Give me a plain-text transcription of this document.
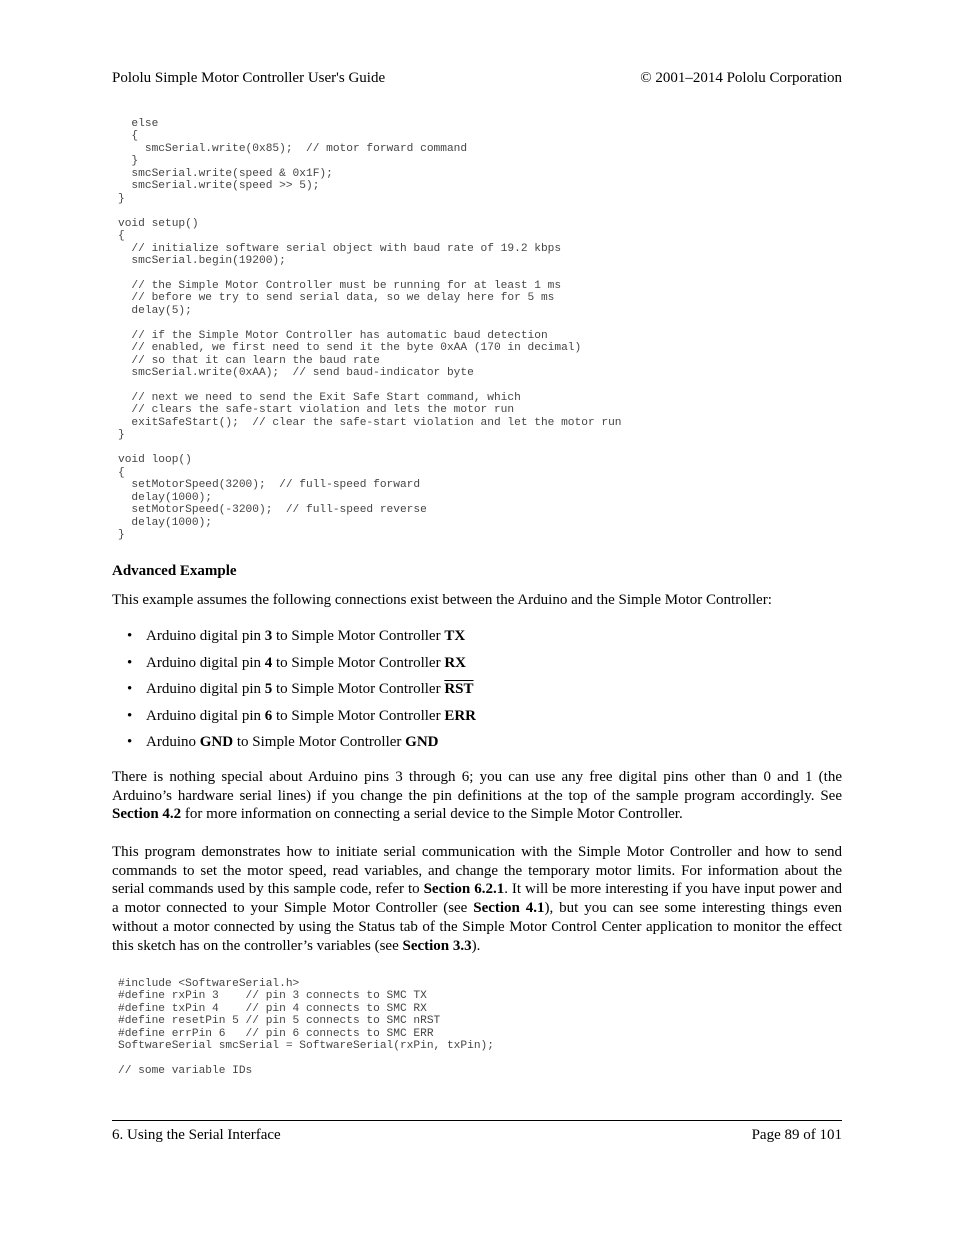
Pololu Simple Motor Controller User's Guide	© 2001–2014 Pololu Corporation
else
{
smcSerial.write(0x85);  // motor forward command
}
smcSerial.write(speed & 0x1F);
smcSerial.write(speed >> 5);
}

void setup()
{
// initialize software serial object with baud rate of 19.2 kbps
smcSerial.begin(19200);

// the Simple Motor Controller must be running for at least 1 ms
// before we try to send serial data, so we delay here for 5 ms
delay(5);

// if the Simple Motor Controller has automatic baud detection
// enabled, we first need to send it the byte 0xAA (170 in decimal)
// so that it can learn the baud rate
smcSerial.write(0xAA);  // send baud-indicator byte

// next we need to send the Exit Safe Start command, which
// clears the safe-start violation and lets the motor run
exitSafeStart();  // clear the safe-start violation and let the motor run
}

void loop()
{
setMotorSpeed(3200);  // full-speed forward
delay(1000);
setMotorSpeed(-3200);  // full-speed reverse
delay(1000);
}

Advanced Example
This example assumes the following connections exist between the Arduino and the Simple Motor Controller:
• Arduino digital pin 3 to Simple Motor Controller TX
• Arduino digital pin 4 to Simple Motor Controller RX
• Arduino digital pin 5 to Simple Motor Controller $\overline{RST}$
• Arduino digital pin 6 to Simple Motor Controller ERR
• Arduino GND to Simple Motor Controller GND
There is nothing special about Arduino pins 3 through 6; you can use any free digital pins other than 0 and 1 (the Arduino’s hardware serial lines) if you change the pin definitions at the top of the sample program accordingly. See Section 4.2 for more information on connecting a serial device to the Simple Motor Controller.
This program demonstrates how to initiate serial communication with the Simple Motor Controller and how to send commands to set the motor speed, read variables, and change the temporary motor limits. For information about the serial commands used by this sample code, refer to Section 6.2.1. It will be more interesting if you have input power and a motor connected to your Simple Motor Controller (see Section 4.1), but you can see some interesting things even without a motor connected by using the Status tab of the Simple Motor Control Center application to monitor the effect this sketch has on the controller’s variables (see Section 3.3).
#include <SoftwareSerial.h>
#define rxPin 3    // pin 3 connects to SMC TX
#define txPin 4    // pin 4 connects to SMC RX
#define resetPin 5 // pin 5 connects to SMC nRST
#define errPin 6   // pin 6 connects to SMC ERR
SoftwareSerial smcSerial = SoftwareSerial(rxPin, txPin);

// some variable IDs

6. Using the Serial Interface	Page 89 of 101
